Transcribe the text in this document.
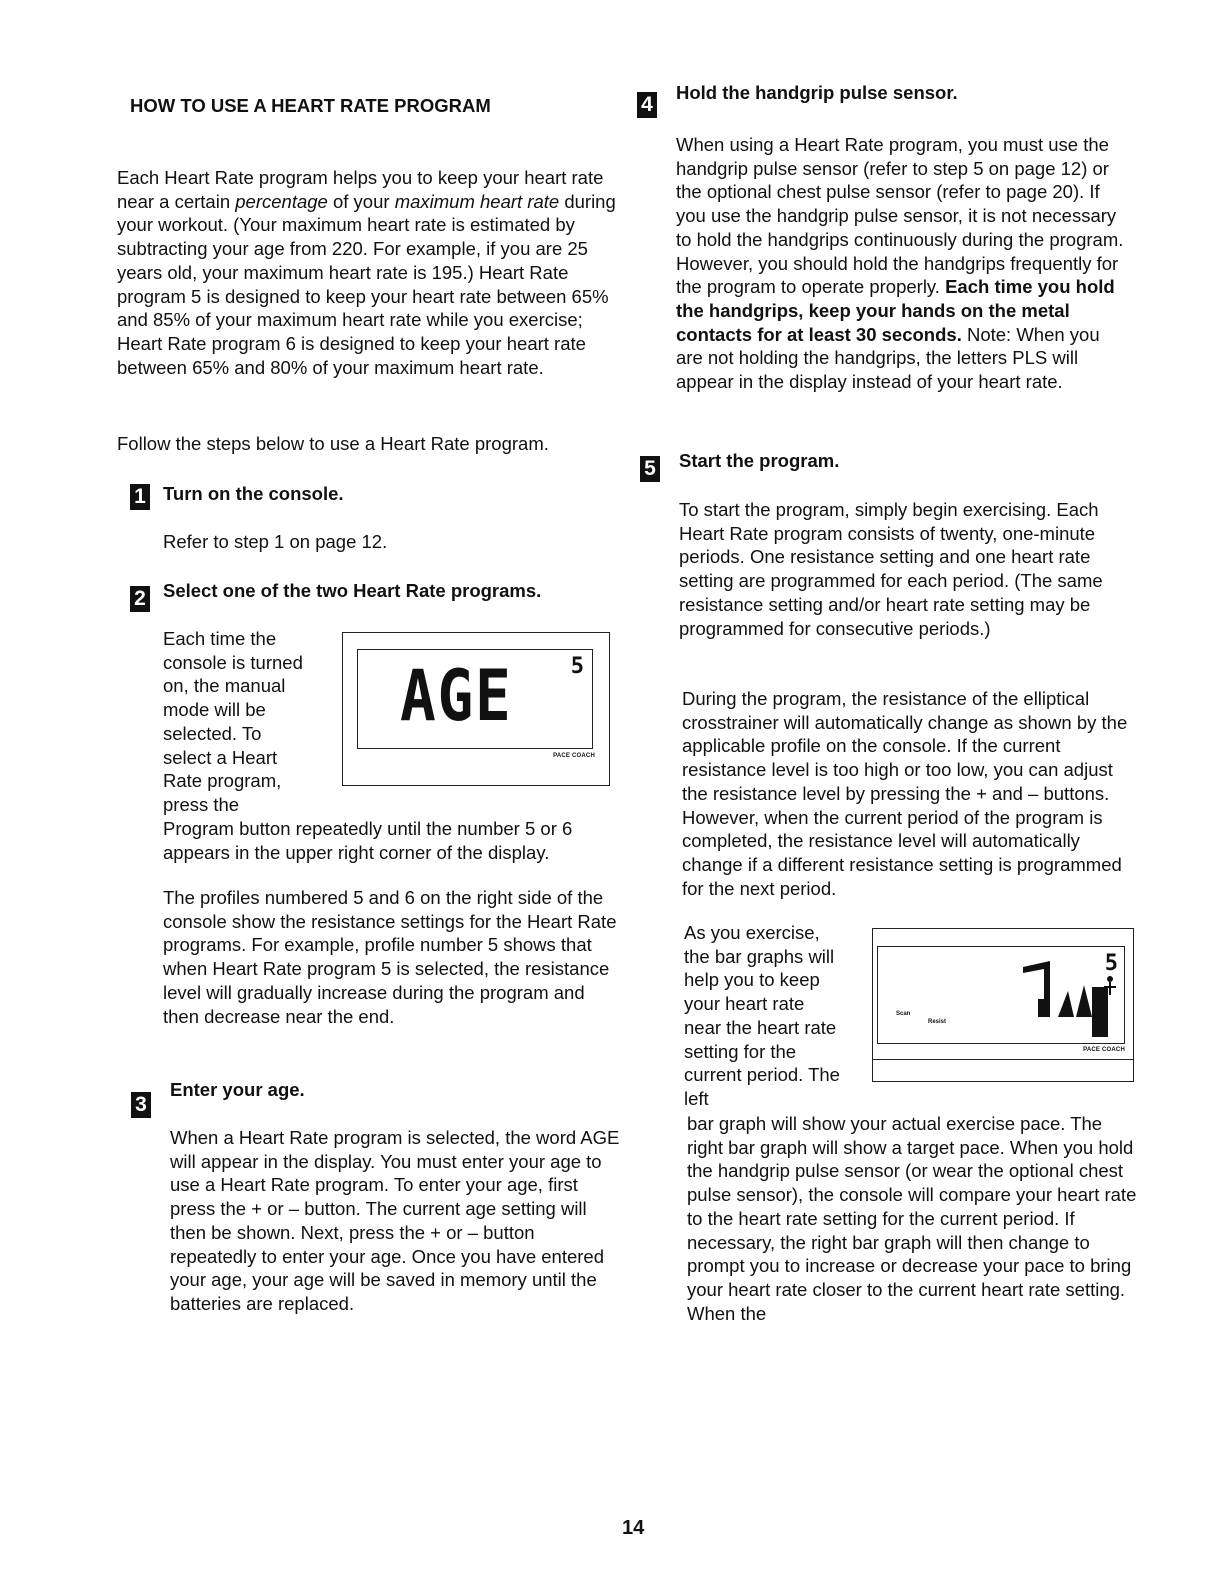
HOW TO USE A HEART RATE PROGRAM

Each Heart Rate program helps you to keep your heart rate near a certain percentage of your maximum heart rate during your workout. (Your maximum heart rate is estimated by subtracting your age from 220. For example, if you are 25 years old, your maximum heart rate is 195.) Heart Rate program 5 is designed to keep your heart rate between 65% and 85% of your maximum heart rate while you exercise; Heart Rate program 6 is designed to keep your heart rate between 65% and 80% of your maximum heart rate.

Follow the steps below to use a Heart Rate program.

1 Turn on the console.

Refer to step 1 on page 12.

2 Select one of the two Heart Rate programs.

Each time the console is turned on, the manual mode will be selected. To select a Heart Rate program, press the

Program button repeatedly until the number 5 or 6 appears in the upper right corner of the display.

The profiles numbered 5 and 6 on the right side of the console show the resistance settings for the Heart Rate programs. For example, profile number 5 shows that when Heart Rate program 5 is selected, the resistance level will gradually increase during the program and then decrease near the end.

AGE	5
PACE COACH
3
Enter your age.

When a Heart Rate program is selected, the word AGE will appear in the display. You must enter your age to use a Heart Rate program. To enter your age, first press the + or – button. The current age setting will then be shown. Next, press the + or – button repeatedly to enter your age. Once you have entered your age, your age will be saved in memory until the batteries are replaced.

4
Hold the handgrip pulse sensor.

When using a Heart Rate program, you must use the handgrip pulse sensor (refer to step 5 on page 12) or the optional chest pulse sensor (refer to page 20). If you use the handgrip pulse sensor, it is not necessary to hold the handgrips continuously during the program. However, you should hold the handgrips frequently for the program to operate properly. Each time you hold the handgrips, keep your hands on the metal contacts for at least 30 seconds. Note: When you are not holding the handgrips, the letters PLS will appear in the display instead of your heart rate.

5 Start the program.

To start the program, simply begin exercising. Each Heart Rate program consists of twenty, one-minute periods. One resistance setting and one heart rate setting are programmed for each period. (The same resistance setting and/or heart rate setting may be programmed for consecutive periods.)

During the program, the resistance of the elliptical crosstrainer will automatically change as shown by the applicable profile on the console. If the current resistance level is too high or too low, you can adjust the resistance level by pressing the + and – buttons. However, when the current period of the program is completed, the resistance level will automatically change if a different resistance setting is programmed for the next period.

As you exercise, the bar graphs will help you to keep your heart rate near the heart rate setting for the current period. The left

bar graph will show your actual exercise pace. The right bar graph will show a target pace. When you hold the handgrip pulse sensor (or wear the optional chest pulse sensor), the console will compare your heart rate to the heart rate setting for the current period. If necessary, the right bar graph will then change to prompt you to increase or decrease your pace to bring your heart rate closer to the current heart rate setting. When the

5
Scan
Resist
PACE COACH
14
